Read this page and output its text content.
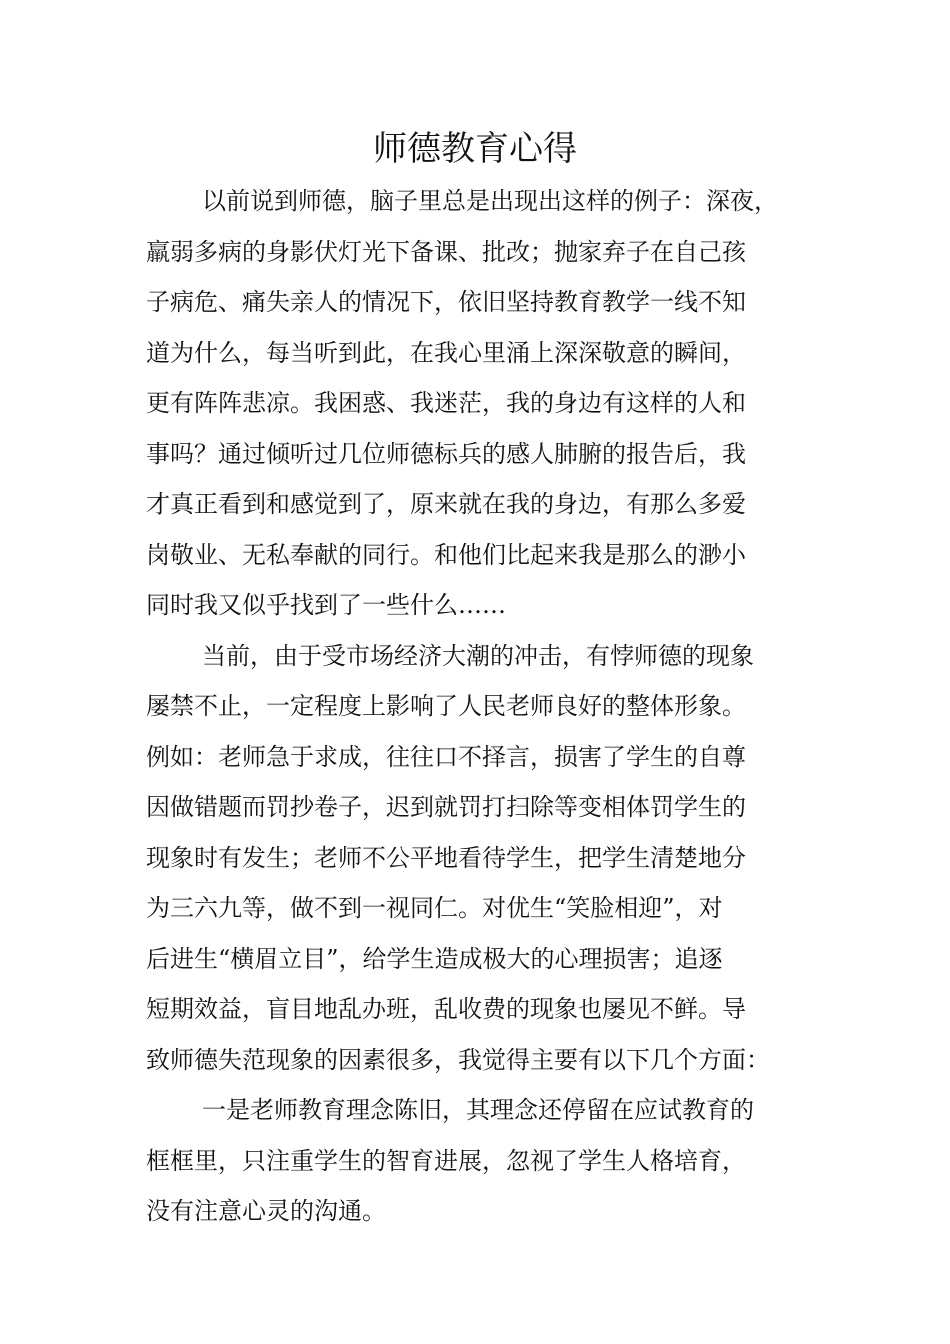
师德教育心得
以前说到师德，脑子里总是出现出这样的例子：深夜，
羸弱多病的身影伏灯光下备课、批改；抛家弃子在自己孩
子病危、痛失亲人的情况下，依旧坚持教育教学一线不知
道为什么，每当听到此，在我心里涌上深深敬意的瞬间，
更有阵阵悲凉。我困惑、我迷茫，我的身边有这样的人和
事吗？通过倾听过几位师德标兵的感人肺腑的报告后，我
才真正看到和感觉到了，原来就在我的身边，有那么多爱
岗敬业、无私奉献的同行。和他们比起来我是那么的渺小
同时我又似乎找到了一些什么……
当前，由于受市场经济大潮的冲击，有悖师德的现象
屡禁不止，一定程度上影响了人民老师良好的整体形象。
例如：老师急于求成，往往口不择言，损害了学生的自尊
因做错题而罚抄卷子，迟到就罚打扫除等变相体罚学生的
现象时有发生；老师不公平地看待学生，把学生清楚地分
为三六九等，做不到一视同仁。对优生“笑脸相迎”，对
后进生“横眉立目”，给学生造成极大的心理损害；追逐
短期效益，盲目地乱办班，乱收费的现象也屡见不鲜。导
致师德失范现象的因素很多，我觉得主要有以下几个方面：
一是老师教育理念陈旧，其理念还停留在应试教育的
框框里，只注重学生的智育进展，忽视了学生人格培育，
没有注意心灵的沟通。
